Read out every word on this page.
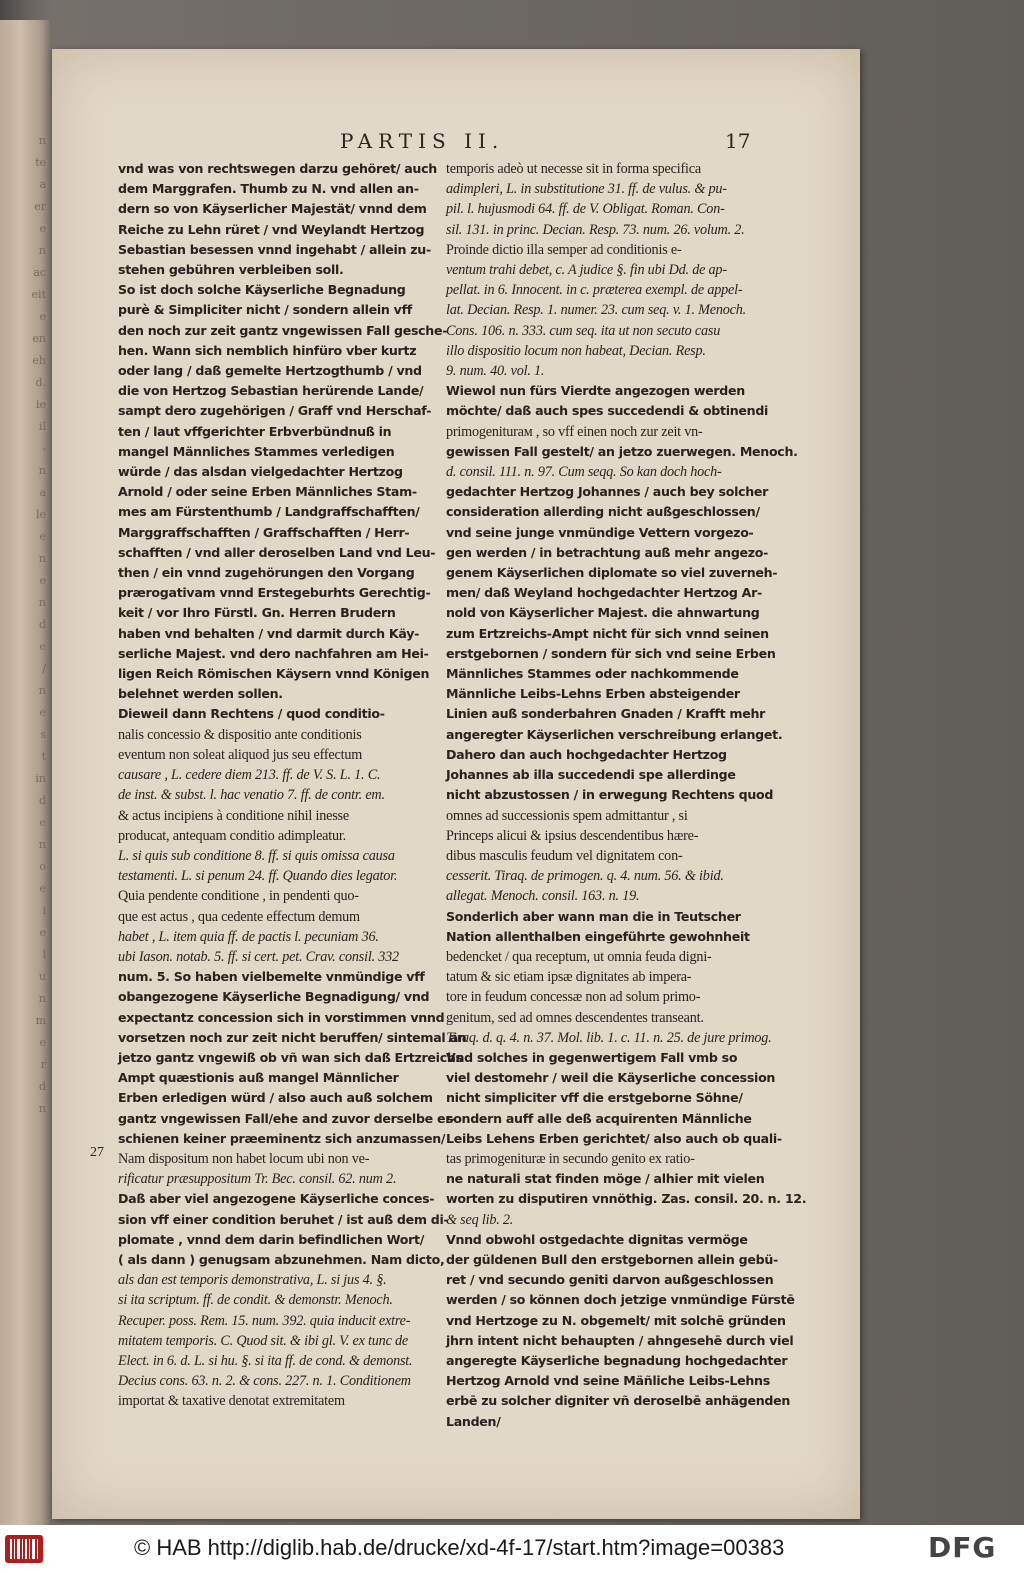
n
te
a
er
e
n
ac
eit
e
en
eh
d.
ie
il
-
n
a
le
e
n
e
n
d
e
/
n
e
s
t
in
d
e
n
o
e
i
e
l
u
n
m
e
r
d
n
PARTIS II.	17
27
vnd was von rechtswegen darzu gehöret/ auch
dem Marggrafen. Thumb zu N. vnd allen an-
dern so von Käyserlicher Majestät/ vnnd dem
Reiche zu Lehn rüret / vnd Weylandt Hertzog
Sebastian besessen vnnd ingehabt / allein zu-
stehen gebühren verbleiben soll.
So ist doch solche Käyserliche Begnadung
purè & Simpliciter nicht / sondern allein vff
den noch zur zeit gantz vngewissen Fall gesche-
hen. Wann sich nemblich hinfüro vber kurtz
oder lang / daß gemelte Hertzogthumb / vnd
die von Hertzog Sebastian herürende Lande/
sampt dero zugehörigen / Graff vnd Herschaf-
ten / laut vffgerichter Erbverbündnuß in
mangel Männliches Stammes verledigen
würde / das alsdan vielgedachter Hertzog
Arnold / oder seine Erben Männliches Stam-
mes am Fürstenthumb / Landgraffschafften/
Marggraffschafften / Graffschafften / Herr-
schafften / vnd aller deroselben Land vnd Leu-
then / ein vnnd zugehörungen den Vorgang
prærogativam vnnd Erstegeburhts Gerechtig-
keit / vor Ihro Fürstl. Gn. Herren Brudern
haben vnd behalten / vnd darmit durch Käy-
serliche Majest. vnd dero nachfahren am Hei-
ligen Reich Römischen Käysern vnnd Königen
belehnet werden sollen.
Dieweil dann Rechtens / quod conditio-
nalis concessio & dispositio ante conditionis
eventum non soleat aliquod jus seu effectum
causare , L. cedere diem 213. ff. de V. S. L. 1. C.
de inst. & subst. l. hac venatio 7. ff. de contr. em.
& actus incipiens à conditione nihil inesse
producat, antequam conditio adimpleatur.
L. si quis sub conditione 8. ff. si quis omissa causa
testamenti. L. si penum 24. ff. Quando dies legator.
Quia pendente conditione , in pendenti quo-
que est actus , qua cedente effectum demum
habet , L. item quia ff. de pactis l. pecuniam 36.
ubi Iason. notab. 5. ff. si cert. pet. Crav. consil. 332
num. 5. So haben vielbemelte vnmündige vff
obangezogene Käyserliche Begnadigung/ vnd
expectantz concession sich in vorstimmen vnnd
vorsetzen noch zur zeit nicht beruffen/ sintemal an
jetzo gantz vngewiß ob vñ wan sich daß Ertzreichs
Ampt quæstionis auß mangel Männlicher
Erben erledigen würd / also auch auß solchem
gantz vngewissen Fall/ehe and zuvor derselbe er-
schienen keiner præeminentz sich anzumassen/
Nam dispositum non habet locum ubi non ve-
rificatur præsuppositum Tr. Bec. consil. 62. num 2.
Daß aber viel angezogene Käyserliche conces-
sion vff einer condition beruhet / ist auß dem di-
plomate , vnnd dem darin befindlichen Wort/
( als dann ) genugsam abzunehmen. Nam dicto,
als dan est temporis demonstrativa, L. si jus 4. §.
si ita scriptum. ff. de condit. & demonstr. Menoch.
Recuper. poss. Rem. 15. num. 392. quia inducit extre-
mitatem temporis. C. Quod sit. & ibi gl. V. ex tunc de
Elect. in 6. d. L. si hu. §. si ita ff. de cond. & demonst.
Decius cons. 63. n. 2. & cons. 227. n. 1. Conditionem
importat & taxative denotat extremitatem
temporis adeò ut necesse sit in forma specifica
adimpleri, L. in substitutione 31. ff. de vulus. & pu-
pil. l. hujusmodi 64. ff. de V. Obligat. Roman. Con-
sil. 131. in princ. Decian. Resp. 73. num. 26. volum. 2.
Proinde dictio illa semper ad conditionis e-
ventum trahi debet, c. A judice §. fin ubi Dd. de ap-
pellat. in 6. Innocent. in c. præterea exempl. de appel-
lat. Decian. Resp. 1. numer. 23. cum seq. v. 1. Menoch.
Cons. 106. n. 333. cum seq. ita ut non secuto casu
illo dispositio locum non habeat, Decian. Resp.
9. num. 40. vol. 1.
Wiewol nun fürs Vierdte angezogen werden
möchte/ daß auch spes succedendi & obtinendi
primogeniturам , so vff einen noch zur zeit vn-
gewissen Fall gestelt/ an jetzo zuerwegen. Menoch.
d. consil. 111. n. 97. Cum seqq. So kan doch hoch-
gedachter Hertzog Johannes / auch bey solcher
consideration allerding nicht außgeschlossen/
vnd seine junge vnmündige Vettern vorgezo-
gen werden / in betrachtung auß mehr angezo-
genem Käyserlichen diplomate so viel zuverneh-
men/ daß Weyland hochgedachter Hertzog Ar-
nold von Käyserlicher Majest. die ahnwartung
zum Ertzreichs-Ampt nicht für sich vnnd seinen
erstgebornen / sondern für sich vnd seine Erben
Männliches Stammes oder nachkommende
Männliche Leibs-Lehns Erben absteigender
Linien auß sonderbahren Gnaden / Krafft mehr
angeregter Käyserlichen verschreibung erlanget.
Dahero dan auch hochgedachter Hertzog
Johannes ab illa succedendi spe allerdinge
nicht abzustossen / in erwegung Rechtens quod
omnes ad successionis spem admittantur , si
Princeps alicui & ipsius descendentibus hære-
dibus masculis feudum vel dignitatem con-
cesserit. Tiraq. de primogen. q. 4. num. 56. & ibid.
allegat. Menoch. consil. 163. n. 19.
Sonderlich aber wann man die in Teutscher
Nation allenthalben eingeführte gewohnheit
bedencket / qua receptum, ut omnia feuda digni-
tatum & sic etiam ipsæ dignitates ab impera-
tore in feudum concessæ non ad solum primo-
genitum, sed ad omnes descendentes transeant.
Tiraq. d. q. 4. n. 37. Mol. lib. 1. c. 11. n. 25. de jure primog.
Vnd solches in gegenwertigem Fall vmb so
viel destomehr / weil die Käyserliche concession
nicht simpliciter vff die erstgeborne Söhne/
sondern auff alle deß acquirenten Männliche
Leibs Lehens Erben gerichtet/ also auch ob quali-
tas primogenituræ in secundo genito ex ratio-
ne naturali stat finden möge / alhier mit vielen
worten zu disputiren vnnöthig. Zas. consil. 20. n. 12.
& seq lib. 2.
Vnnd obwohl ostgedachte dignitas vermöge
der güldenen Bull den erstgebornen allein gebü-
ret / vnd secundo geniti darvon außgeschlossen
werden / so können doch jetzige vnmündige Fürstē
vnd Hertzoge zu N. obgemelt/ mit solchē gründen
jhrn intent nicht behaupten / ahngesehē durch viel
angeregte Käyserliche begnadung hochgedachter
Hertzog Arnold vnd seine Mäñliche Leibs-Lehns
erbē zu solcher digniter vñ deroselbē anhägenden
Landen/
© HAB http://diglib.hab.de/drucke/xd-4f-17/start.htm?image=00383	DFG
